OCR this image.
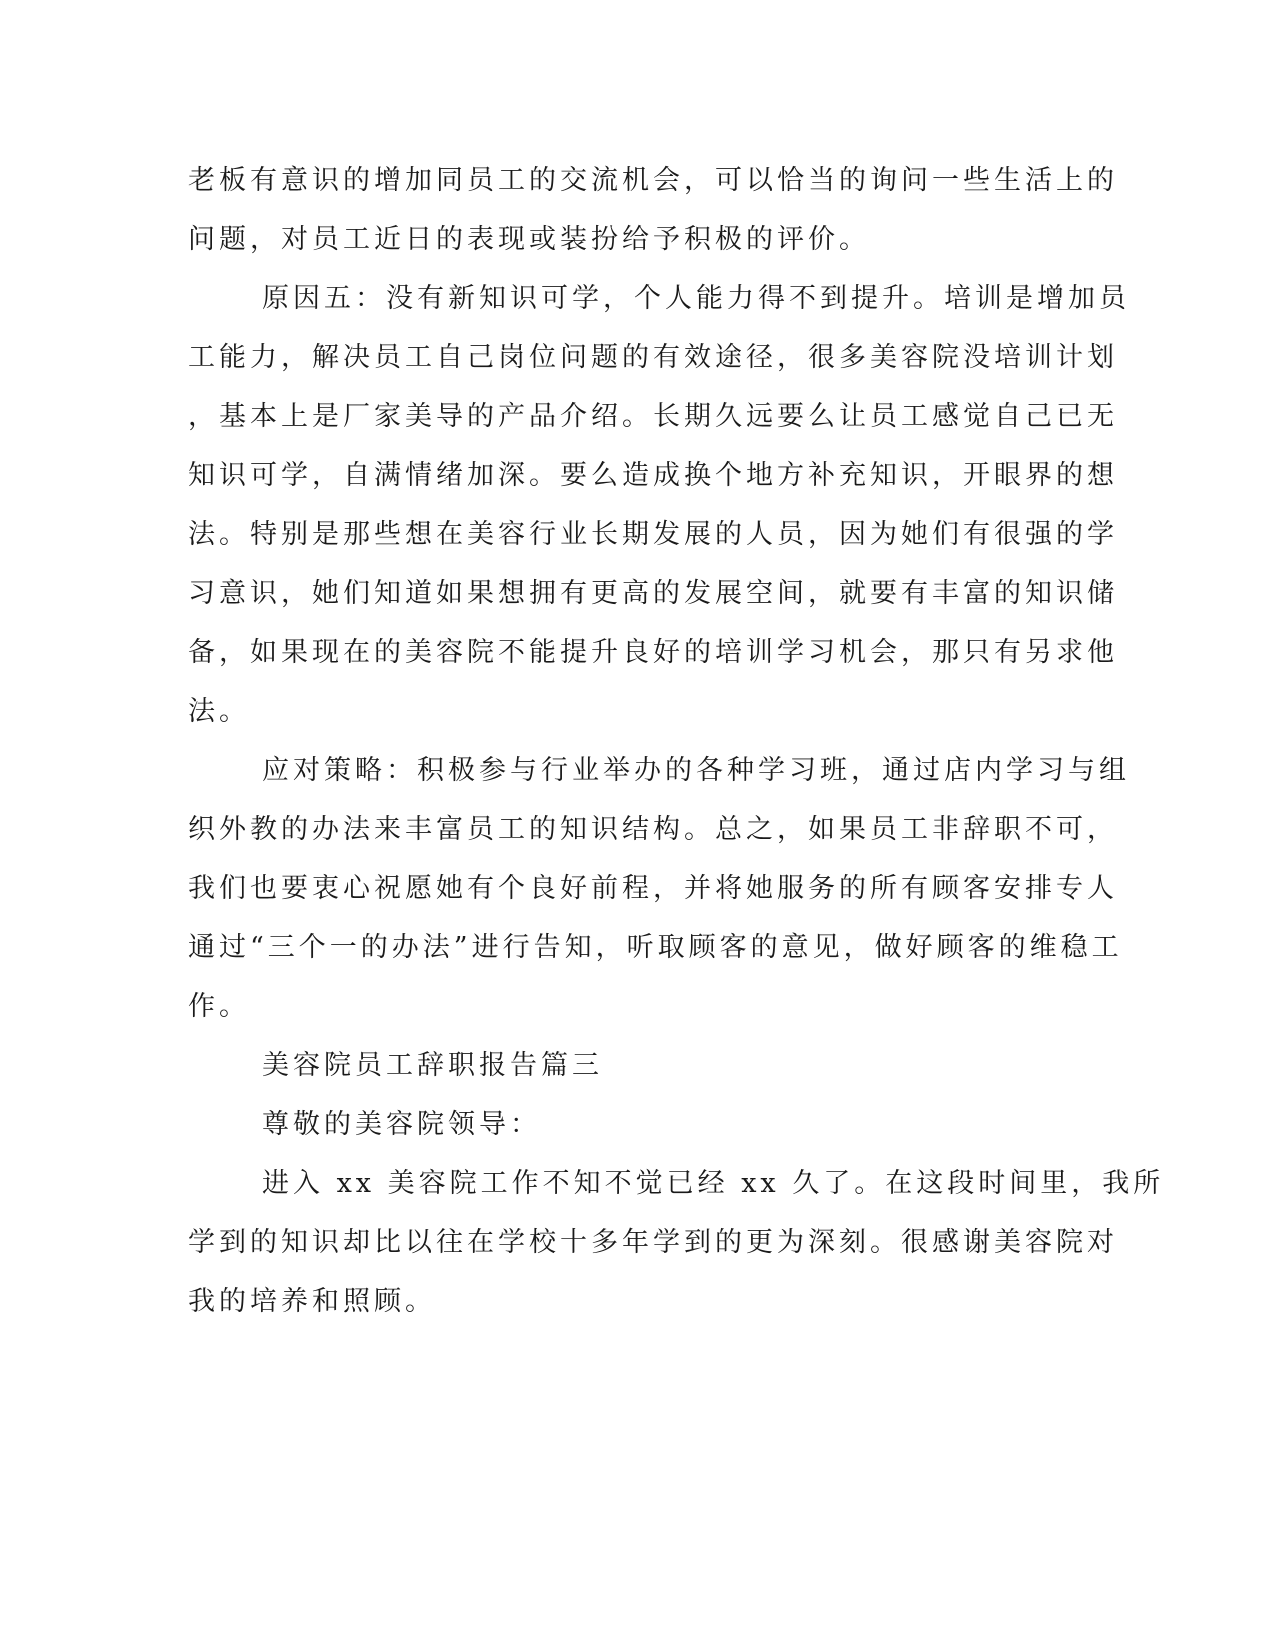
老板有意识的增加同员工的交流机会，可以恰当的询问一些生活上的

问题，对员工近日的表现或装扮给予积极的评价。

原因五：没有新知识可学，个人能力得不到提升。培训是增加员

工能力，解决员工自己岗位问题的有效途径，很多美容院没培训计划

，基本上是厂家美导的产品介绍。长期久远要么让员工感觉自己已无

知识可学，自满情绪加深。要么造成换个地方补充知识，开眼界的想

法。特别是那些想在美容行业长期发展的人员，因为她们有很强的学

习意识，她们知道如果想拥有更高的发展空间，就要有丰富的知识储

备，如果现在的美容院不能提升良好的培训学习机会，那只有另求他

法。

应对策略：积极参与行业举办的各种学习班，通过店内学习与组

织外教的办法来丰富员工的知识结构。总之，如果员工非辞职不可，

我们也要衷心祝愿她有个良好前程，并将她服务的所有顾客安排专人

通过“三个一的办法”进行告知，听取顾客的意见，做好顾客的维稳工

作。

美容院员工辞职报告篇三

尊敬的美容院领导：

进入 xx 美容院工作不知不觉已经 xx 久了。在这段时间里，我所

学到的知识却比以往在学校十多年学到的更为深刻。很感谢美容院对

我的培养和照顾。
